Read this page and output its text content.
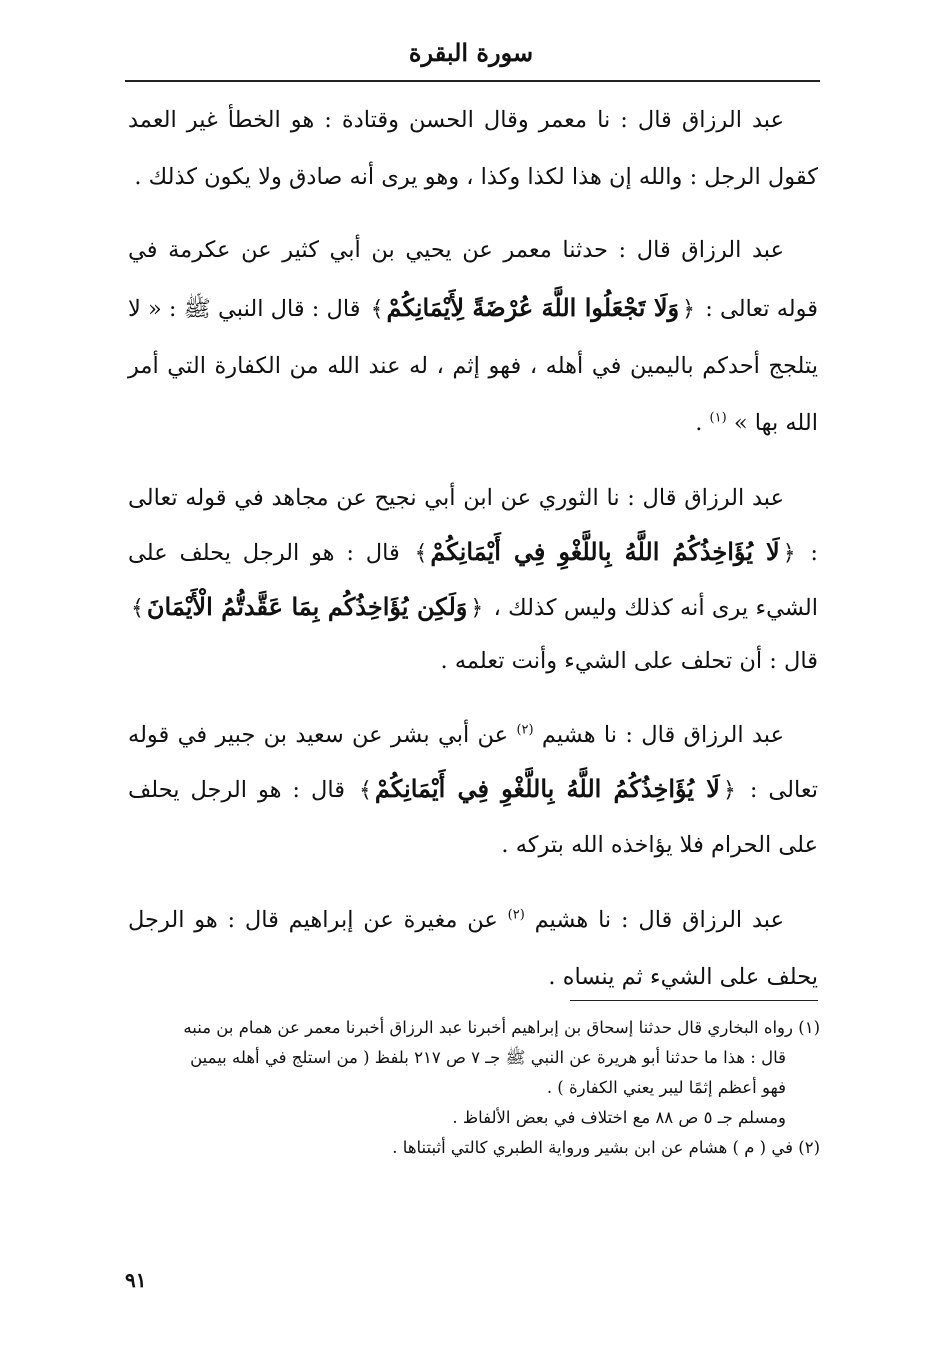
سورة البقرة

عبد الرزاق قال : نا معمر وقال الحسن وقتادة : هو الخطأ غير العمد كقول الرجل : والله إن هذا لكذا وكذا ، وهو يرى أنه صادق ولا يكون كذلك .

عبد الرزاق قال : حدثنا معمر عن يحيي بن أبي كثير عن عكرمة في قوله تعالى : ﴿وَلَا تَجْعَلُوا اللَّهَ عُرْضَةً لِأَيْمَانِكُمْ﴾ قال : قال النبي ﷺ : « لا يتلجج أحدكم باليمين في أهله ، فهو إثم ، له عند الله من الكفارة التي أمر الله بها » $^{(١)}$ .

عبد الرزاق قال : نا الثوري عن ابن أبي نجيح عن مجاهد في قوله تعالى : ﴿لَا يُؤَاخِذُكُمُ اللَّهُ بِاللَّغْوِ فِي أَيْمَانِكُمْ﴾ قال : هو الرجل يحلف على الشيء يرى أنه كذلك وليس كذلك ، ﴿وَلَكِن يُؤَاخِذُكُم بِمَا عَقَّدتُّمُ الْأَيْمَانَ﴾ قال : أن تحلف على الشيء وأنت تعلمه .

عبد الرزاق قال : نا هشيم $^{(٢)}$ عن أبي بشر عن سعيد بن جبير في قوله تعالى : ﴿لَا يُؤَاخِذُكُمُ اللَّهُ بِاللَّغْوِ فِي أَيْمَانِكُمْ﴾ قال : هو الرجل يحلف على الحرام فلا يؤاخذه الله بتركه .

عبد الرزاق قال : نا هشيم $^{(٢)}$ عن مغيرة عن إبراهيم قال : هو الرجل يحلف على الشيء ثم ينساه .

(١) رواه البخاري قال حدثنا إسحاق بن إبراهيم أخبرنا عبد الرزاق أخبرنا معمر عن همام بن منبه

قال : هذا ما حدثنا أبو هريرة عن النبي ﷺ جـ ٧ ص ٢١٧ بلفظ ( من استلج في أهله بيمين
فهو أعظم إثمًا ليبر يعني الكفارة ) .
ومسلم جـ ٥ ص ٨٨ مع اختلاف في بعض الألفاظ .

(٢) في ( م ) هشام عن ابن بشير ورواية الطبري كالتي أثبتناها .

٩١
